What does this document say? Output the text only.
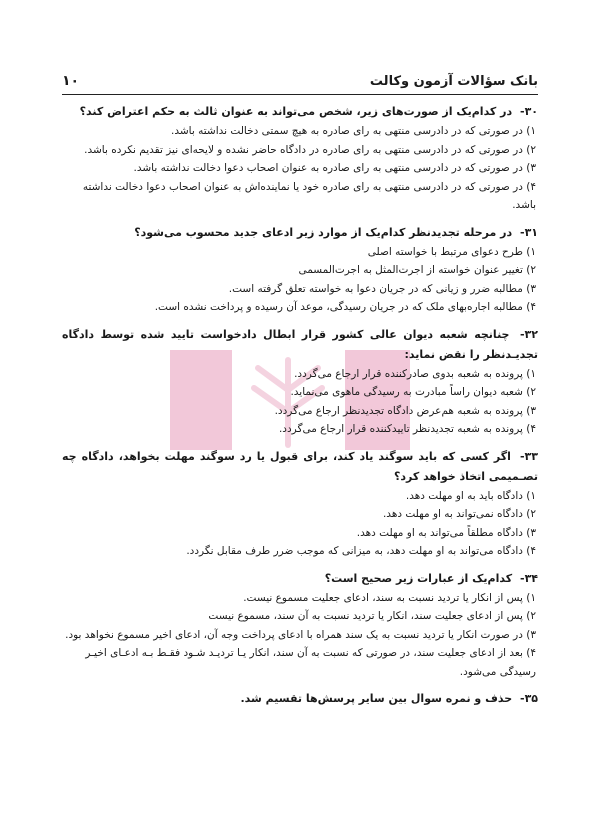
بانک سؤالات آزمون وکالت
۱۰
۳۰- در کدام‌یک از صورت‌های زیر، شخص می‌تواند به عنوان ثالث به حکم اعتراض کند؟
۱) در صورتی که در دادرسی منتهی به رای صادره به هیچ سمتی دخالت نداشته باشد.
۲) در صورتی که در دادرسی منتهی به رای صادره در دادگاه حاضر نشده و لایحه‌ای نیز تقدیم نکرده باشد.
۳) در صورتی که در دادرسی منتهی به رای صادره به عنوان اصحاب دعوا دخالت نداشته باشد.
۴) در صورتی که در دادرسی منتهی به رای صادره خود یا نماینده‌اش به عنوان اصحاب دعوا دخالت نداشته باشد.
۳۱- در مرحله تجدیدنظر کدام‌یک از موارد زیر ادعای جدید محسوب می‌شود؟
۱) طرح دعوای مرتبط با خواسته اصلی
۲) تغییر عنوان خواسته از اجرت‌المثل به اجرت‌المسمی
۳) مطالبه ضرر و زیانی که در جریان دعوا به خواسته تعلق گرفته است.
۴) مطالبه اجاره‌بهای ملک که در جریان رسیدگی، موعد آن رسیده و پرداخت نشده است.
۳۲- چنانچه شعبه دیوان عالی کشور قرار ابطال دادخواست تایید شده توسط دادگاه تجدیـدنظر را نقض نماید:
۱) پرونده به شعبه بدوی صادرکننده قرار ارجاع می‌گردد.
۲) شعبه دیوان راساً مبادرت به رسیدگی ماهوی می‌نماید.
۳) پرونده به شعبه هم‌عرض دادگاه تجدیدنظر ارجاع می‌گردد.
۴) پرونده به شعبه تجدیدنظر تاییدکننده قرار ارجاع می‌گردد.
۳۳- اگر کسی که باید سوگند یاد کند، برای قبول یا رد سوگند مهلت بخواهد، دادگاه چه تصـمیمی اتخاذ خواهد کرد؟
۱) دادگاه باید به او مهلت دهد.
۲) دادگاه نمی‌تواند به او مهلت دهد.
۳) دادگاه مطلقاً می‌تواند به او مهلت دهد.
۴) دادگاه می‌تواند به او مهلت دهد، به میزانی که موجب ضرر طرف مقابل نگردد.
۳۴- کدام‌یک از عبارات زیر صحیح است؟
۱) پس از انکار یا تردید نسبت به سند، ادعای جعلیت مسموع نیست.
۲) پس از ادعای جعلیت سند، انکار یا تردید نسبت به آن سند، مسموع نیست
۳) در صورت انکار یا تردید نسبت به یک سند همراه با ادعای پرداخت وجه آن، ادعای اخیر مسموع نخواهد بود.
۴) بعد از ادعای جعلیت سند، در صورتی که نسبت به آن سند، انکار یـا تردیـد شـود فقـط بـه ادعـای اخیـر رسیدگی می‌شود.
۳۵- حذف و نمره سوال بین سایر پرسش‌ها تقسیم شد.
